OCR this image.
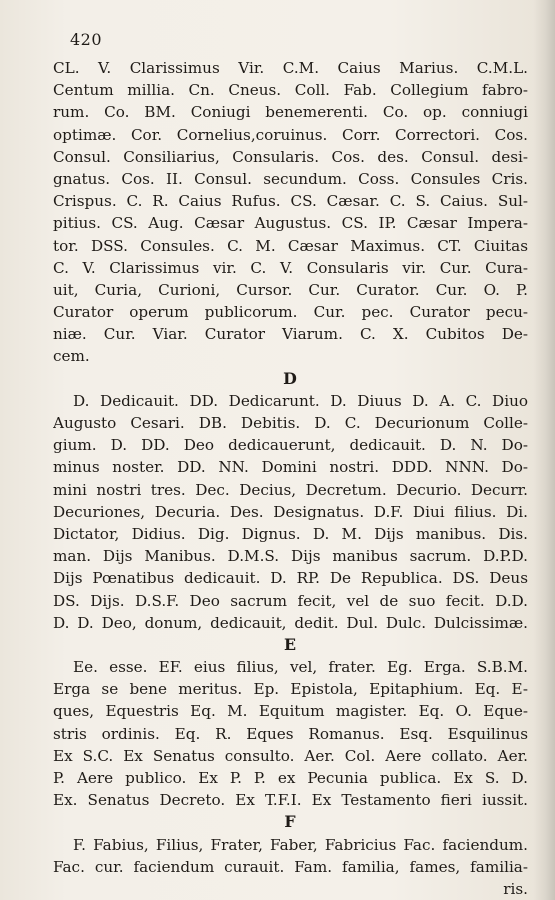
420
CL. V. Clarissimus Vir. C.M. Caius Marius. C.M.L.
Centum millia. Cn. Cneus. Coll. Fab. Collegium fabro-
rum. Co. BM. Coniugi benemerenti. Co. op. conniugi
optimæ. Cor. Cornelius,coruinus. Corr. Correctori. Cos.
Consul. Consiliarius, Consularis. Cos. des. Consul. desi-
gnatus. Cos. II. Consul. secundum. Coss. Consules Cris.
Crispus. C. R. Caius Rufus. CS. Cæsar. C. S. Caius. Sul-
pitius. CS. Aug. Cæsar Augustus. CS. IP. Cæsar Impera-
tor. DSS. Consules. C. M. Cæsar Maximus. CT. Ciuitas
C. V. Clarissimus vir. C. V. Consularis vir. Cur. Cura-
uit, Curia, Curioni, Cursor. Cur. Curator. Cur. O. P.
Curator operum publicorum. Cur. pec. Curator pecu-
niæ. Cur. Viar. Curator Viarum. C. X. Cubitos De-
cem.
D
D. Dedicauit. DD. Dedicarunt. D. Diuus D. A. C. Diuo
Augusto Cesari. DB. Debitis. D. C. Decurionum Colle-
gium. D. DD. Deo dedicauerunt, dedicauit. D. N. Do-
minus noster. DD. NN. Domini nostri. DDD. NNN. Do-
mini nostri tres. Dec. Decius, Decretum. Decurio. Decurr.
Decuriones, Decuria. Des. Designatus. D.F. Diui filius. Di.
Dictator, Didius. Dig. Dignus. D. M. Dijs manibus. Dis.
man. Dijs Manibus. D.M.S. Dijs manibus sacrum. D.P.D.
Dijs Pœnatibus dedicauit. D. RP. De Republica. DS. Deus
DS. Dijs. D.S.F. Deo sacrum fecit, vel de suo fecit. D.D.
D. D. Deo, donum, dedicauit, dedit. Dul. Dulc. Dulcissimæ.
E
Ee. esse. EF. eius filius, vel, frater. Eg. Erga. S.B.M.
Erga se bene meritus. Ep. Epistola, Epitaphium. Eq. E-
ques, Equestris Eq. M. Equitum magister. Eq. O. Eque-
stris ordinis. Eq. R. Eques Romanus. Esq. Esquilinus
Ex S.C. Ex Senatus consulto. Aer. Col. Aere collato. Aer.
P. Aere publico. Ex P. P. ex Pecunia publica. Ex S. D.
Ex. Senatus Decreto. Ex T.F.I. Ex Testamento fieri iussit.
F
F. Fabius, Filius, Frater, Faber, Fabricius Fac. faciendum.
Fac. cur. faciendum curauit. Fam. familia, fames, familia-
ris.
